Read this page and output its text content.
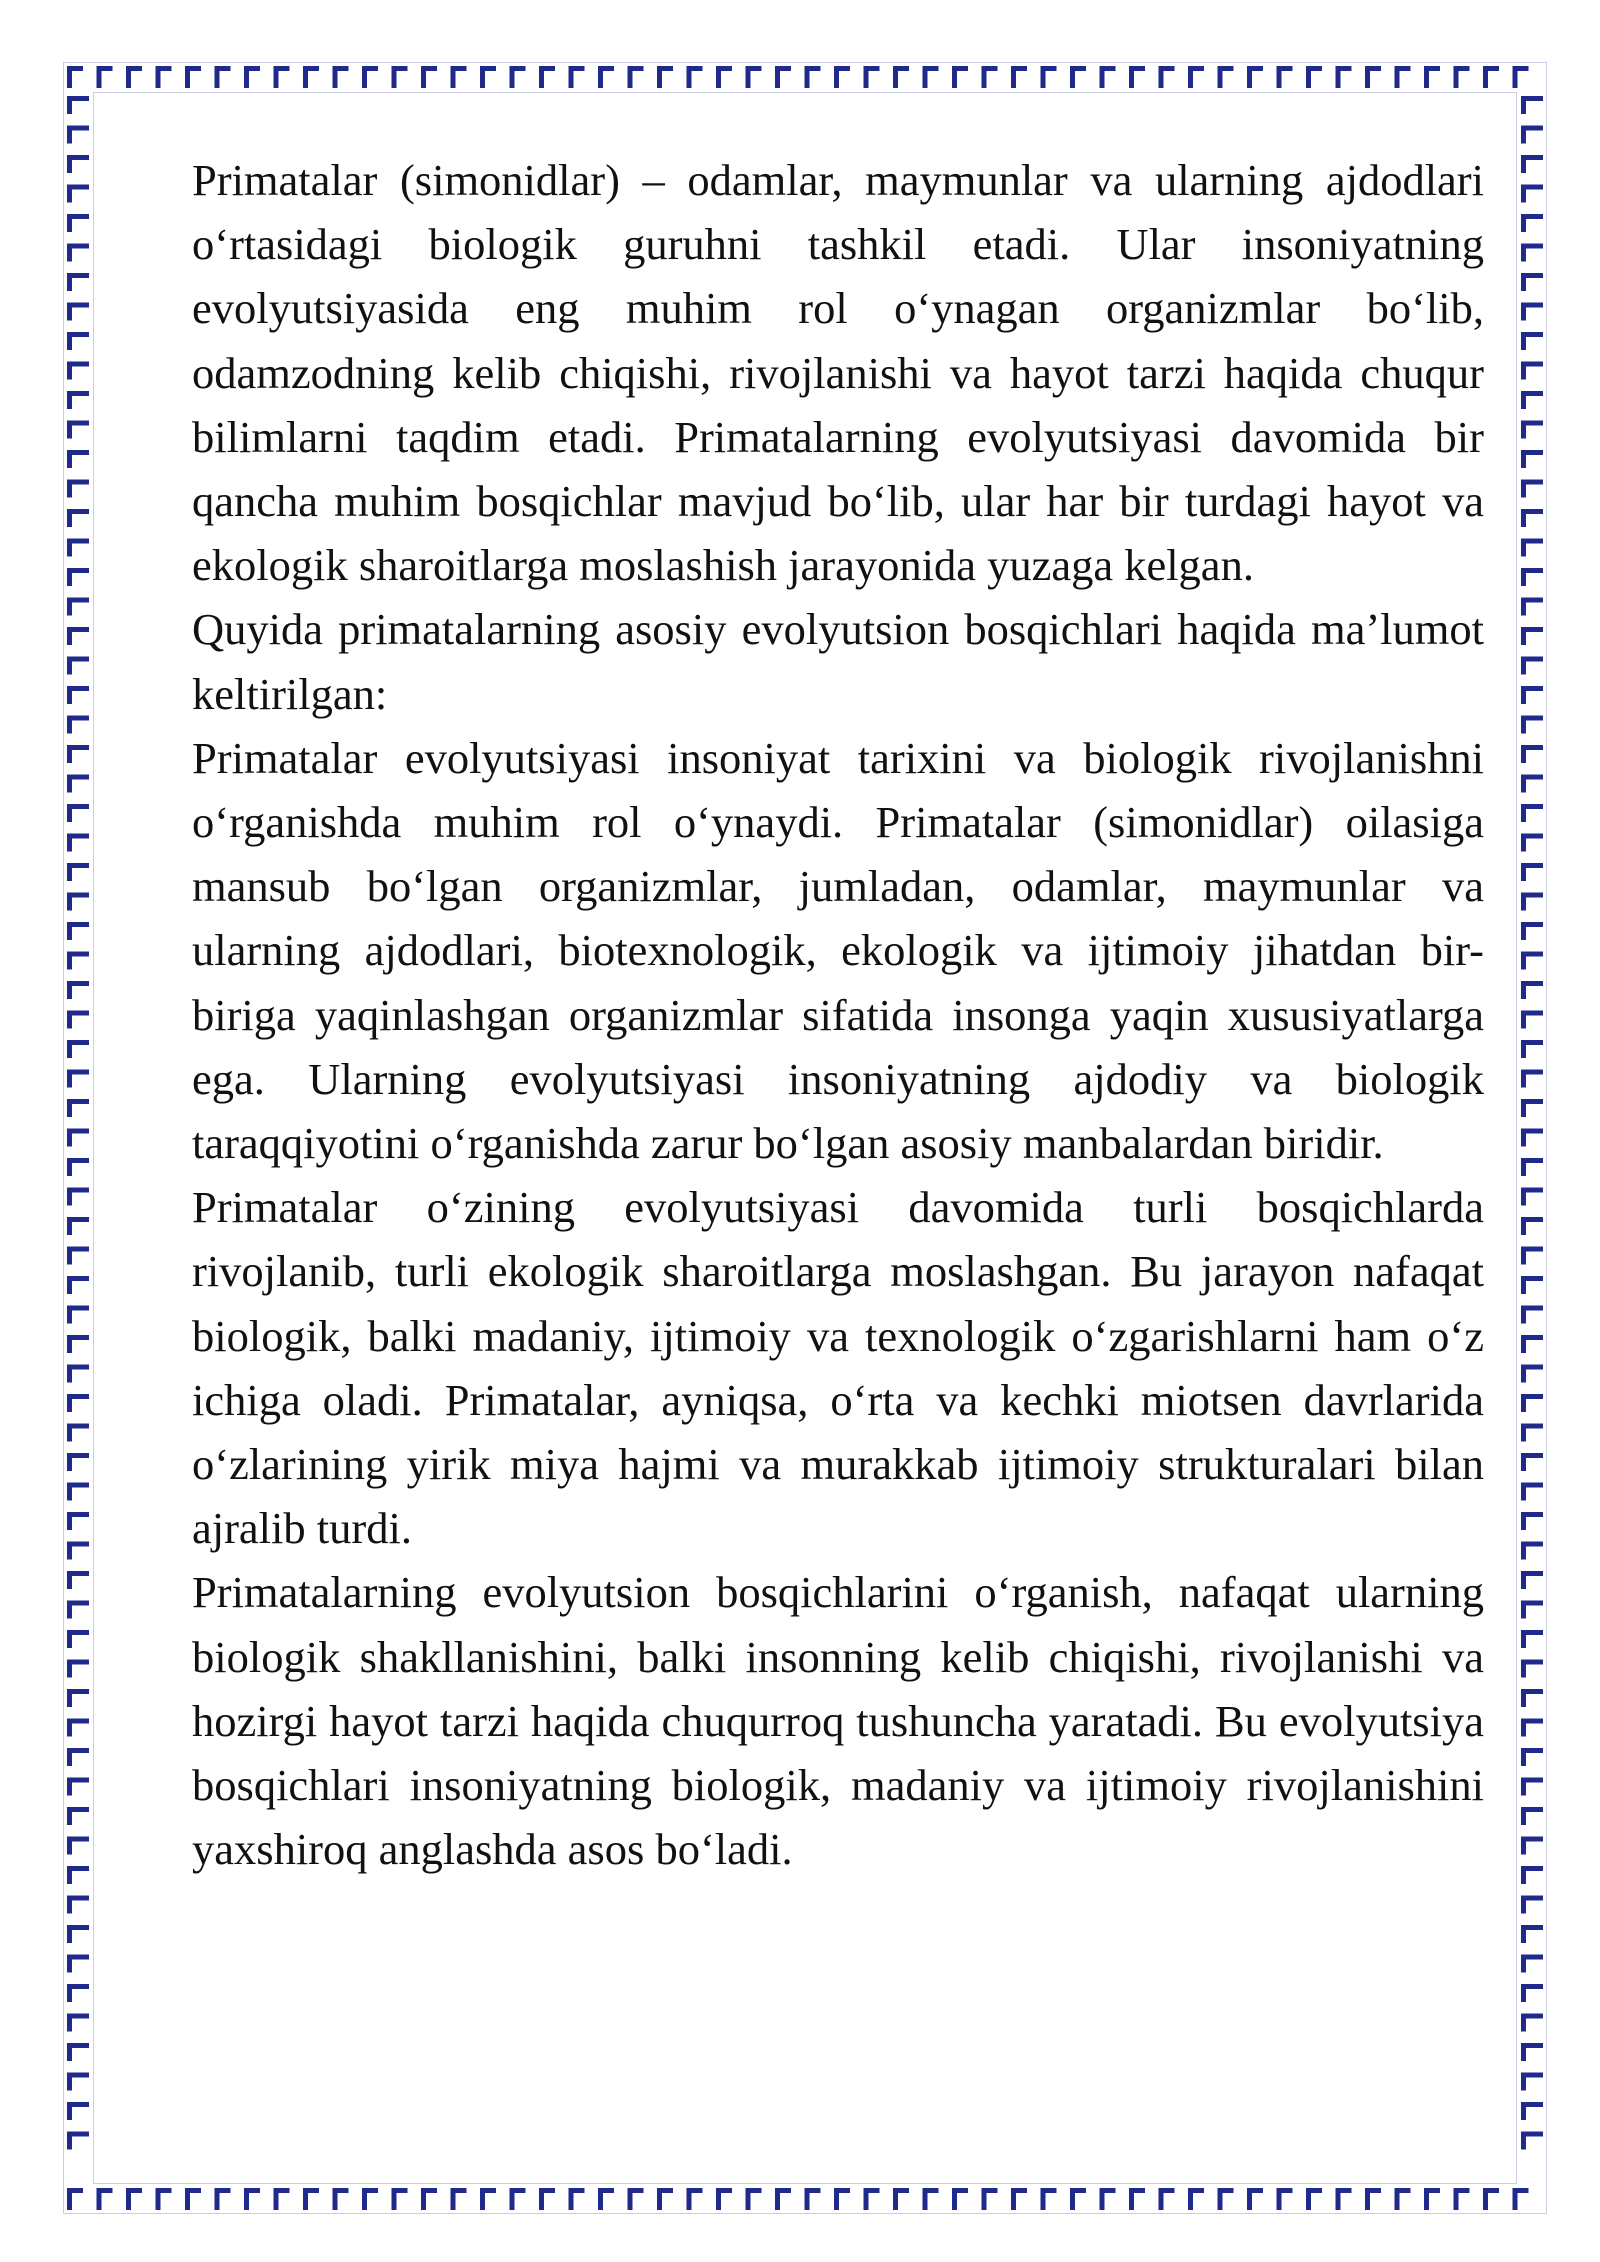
Primatalar (simonidlar) – odamlar, maymunlar va ularning ajdodlari oʻrtasidagi biologik guruhni tashkil etadi. Ular insoniyatning evolyutsiyasida eng muhim rol oʻynagan organizmlar boʻlib, odamzodning kelib chiqishi, rivojlanishi va hayot tarzi haqida chuqur bilimlarni taqdim etadi. Primatalarning evolyutsiyasi davomida bir qancha muhim bosqichlar mavjud boʻlib, ular har bir turdagi hayot va ekologik sharoitlarga moslashish jarayonida yuzaga kelgan.

Quyida primatalarning asosiy evolyutsion bosqichlari haqida maʼlumot keltirilgan:

Primatalar evolyutsiyasi insoniyat tarixini va biologik rivojlanishni oʻrganishda muhim rol oʻynaydi. Primatalar (simonidlar) oilasiga mansub boʻlgan organizmlar, jumladan, odamlar, maymunlar va ularning ajdodlari, biotexnologik, ekologik va ijtimoiy jihatdan bir-biriga yaqinlashgan organizmlar sifatida insonga yaqin xususiyatlarga ega. Ularning evolyutsiyasi insoniyatning ajdodiy va biologik taraqqiyotini oʻrganishda zarur boʻlgan asosiy manbalardan biridir.

Primatalar oʻzining evolyutsiyasi davomida turli bosqichlarda rivojlanib, turli ekologik sharoitlarga moslashgan. Bu jarayon nafaqat biologik, balki madaniy, ijtimoiy va texnologik oʻzgarishlarni ham oʻz ichiga oladi. Primatalar, ayniqsa, oʻrta va kechki miotsen davrlarida oʻzlarining yirik miya hajmi va murakkab ijtimoiy strukturalari bilan ajralib turdi.

Primatalarning evolyutsion bosqichlarini oʻrganish, nafaqat ularning biologik shakllanishini, balki insonning kelib chiqishi, rivojlanishi va hozirgi hayot tarzi haqida chuqurroq tushuncha yaratadi. Bu evolyutsiya bosqichlari insoniyatning biologik, madaniy va ijtimoiy rivojlanishini yaxshiroq anglashda asos boʻladi.
